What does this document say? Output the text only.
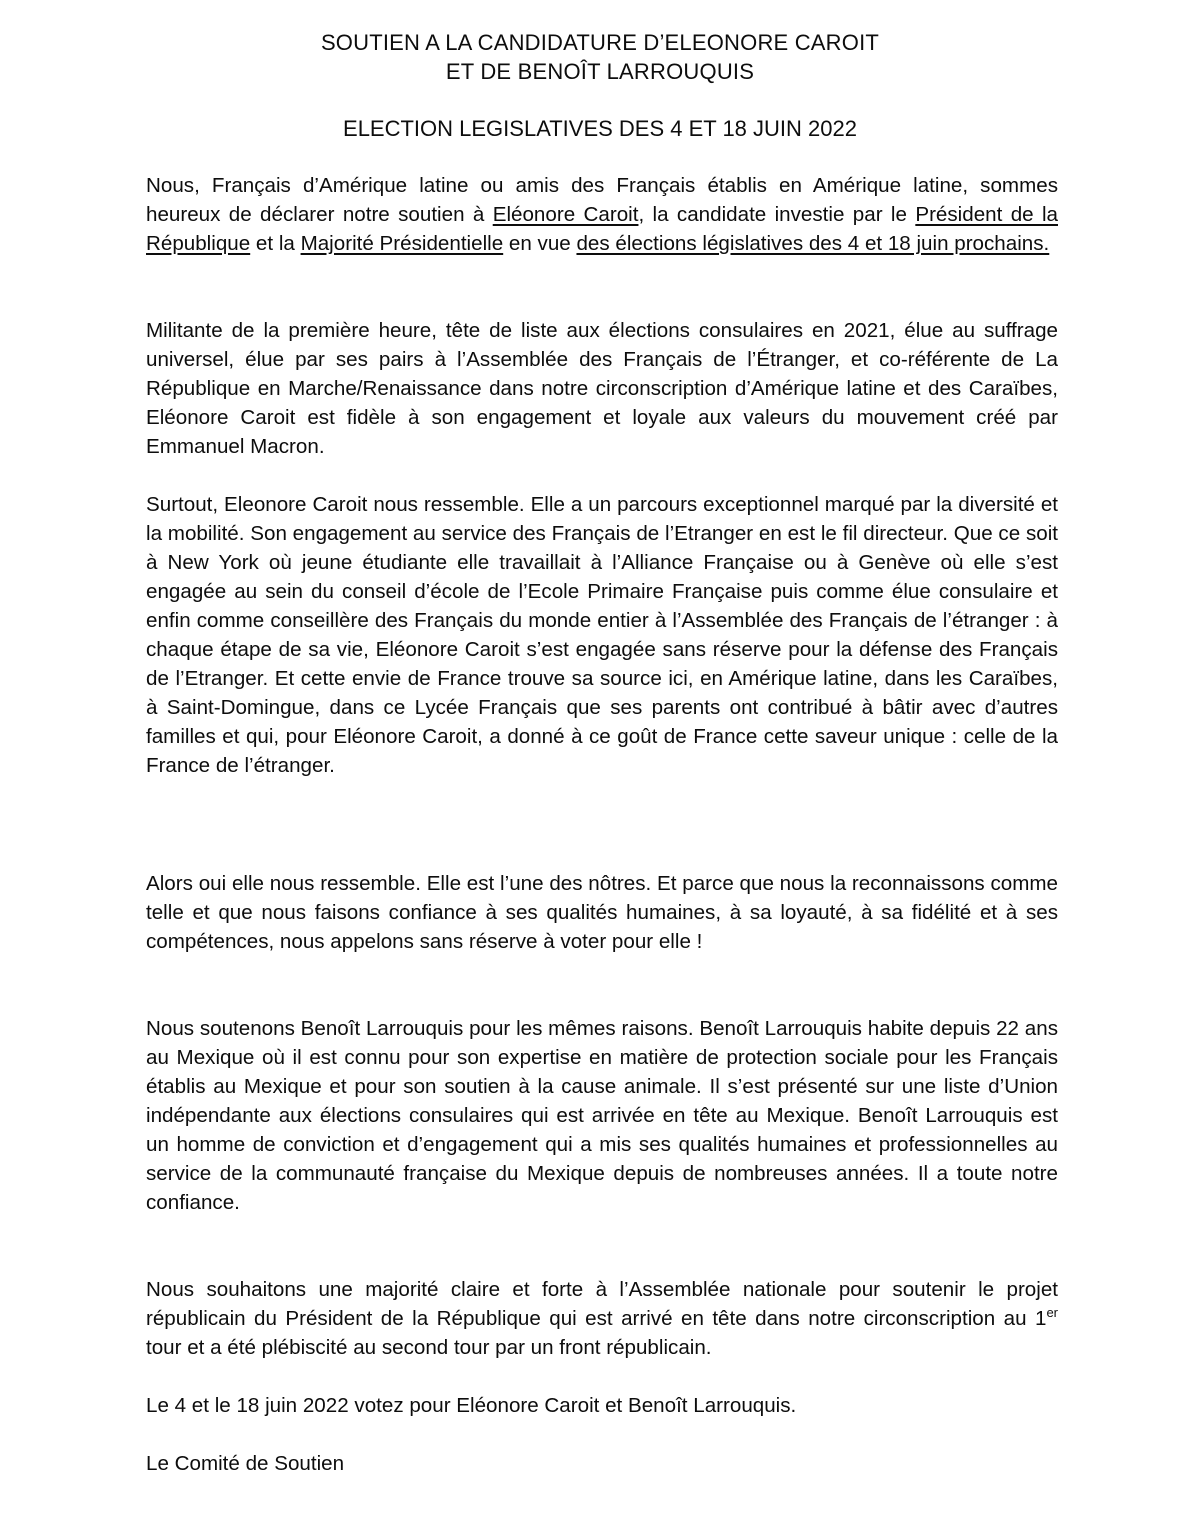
SOUTIEN A LA CANDIDATURE D’ELEONORE CAROIT
ET DE BENOÎT LARROUQUIS
ELECTION LEGISLATIVES DES 4 ET 18 JUIN 2022

Nous, Français d’Amérique latine ou amis des Français établis en Amérique latine, sommes heureux de déclarer notre soutien à Eléonore Caroit, la candidate investie par le Président de la République et la Majorité Présidentielle en vue des élections législatives des 4 et 18 juin prochains.

Militante de la première heure, tête de liste aux élections consulaires en 2021, élue au suffrage universel, élue par ses pairs à l’Assemblée des Français de l’Étranger, et co-référente de La République en Marche/Renaissance dans notre circonscription d’Amérique latine et des Caraïbes, Eléonore Caroit est fidèle à son engagement et loyale aux valeurs du mouvement créé par Emmanuel Macron.

Surtout, Eleonore Caroit nous ressemble. Elle a un parcours exceptionnel marqué par la diversité et la mobilité. Son engagement au service des Français de l’Etranger en est le fil directeur. Que ce soit à New York où jeune étudiante elle travaillait à l’Alliance Française ou à Genève où elle s’est engagée au sein du conseil d’école de l’Ecole Primaire Française puis comme élue consulaire et enfin comme conseillère des Français du monde entier à l’Assemblée des Français de l’étranger : à chaque étape de sa vie, Eléonore Caroit s’est engagée sans réserve pour la défense des Français de l’Etranger. Et cette envie de France trouve sa source ici, en Amérique latine, dans les Caraïbes, à Saint-Domingue, dans ce Lycée Français que ses parents ont contribué à bâtir avec d’autres familles et qui, pour Eléonore Caroit, a donné à ce goût de France cette saveur unique : celle de la France de l’étranger.

Alors oui elle nous ressemble. Elle est l’une des nôtres. Et parce que nous la reconnaissons comme telle et que nous faisons confiance à ses qualités humaines, à sa loyauté, à sa fidélité et à ses compétences, nous appelons sans réserve à voter pour elle !

Nous soutenons Benoît Larrouquis pour les mêmes raisons. Benoît Larrouquis habite depuis 22 ans au Mexique où il est connu pour son expertise en matière de protection sociale pour les Français établis au Mexique et pour son soutien à la cause animale. Il s’est présenté sur une liste d’Union indépendante aux élections consulaires qui est arrivée en tête au Mexique. Benoît Larrouquis est un homme de conviction et d’engagement qui a mis ses qualités humaines et professionnelles au service de la communauté française du Mexique depuis de nombreuses années. Il a toute notre confiance.

Nous souhaitons une majorité claire et forte à l’Assemblée nationale pour soutenir le projet républicain du Président de la République qui est arrivé en tête dans notre circonscription au 1er tour et a été plébiscité au second tour par un front républicain.

Le 4 et le 18 juin 2022 votez pour Eléonore Caroit et Benoît Larrouquis.

Le Comité de Soutien
